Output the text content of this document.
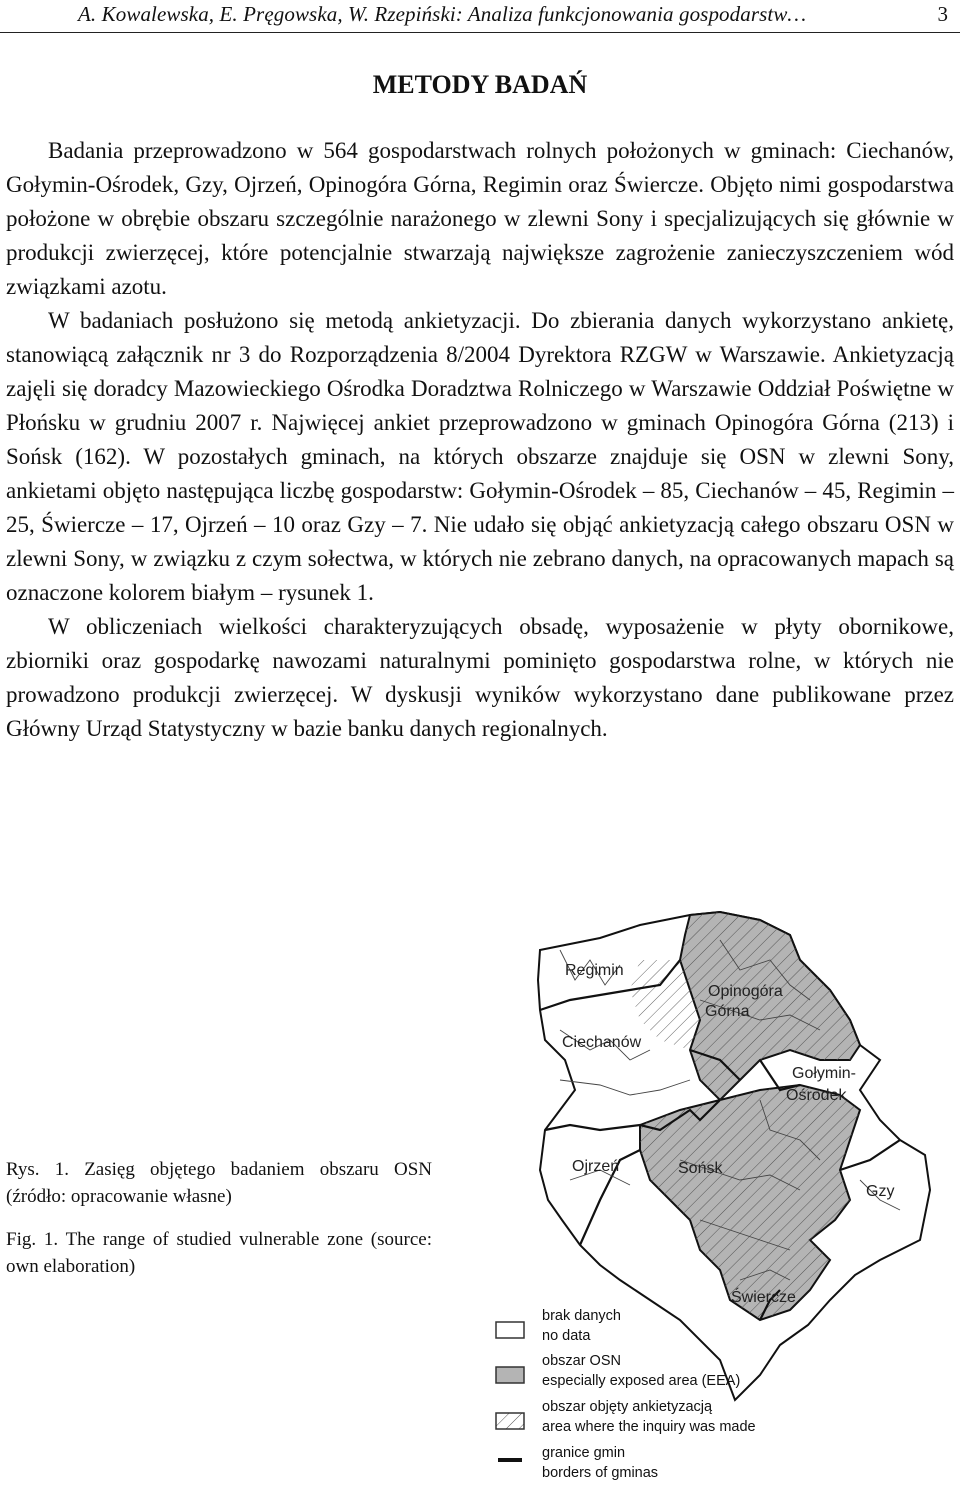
A. Kowalewska, E. Pręgowska, W. Rzepiński: Analiza funkcjonowania gospodarstw…	3
METODY BADAŃ

Badania przeprowadzono w 564 gospodarstwach rolnych położonych w gminach: Ciechanów, Gołymin-Ośrodek, Gzy, Ojrzeń, Opinogóra Górna, Regimin oraz Świercze. Objęto nimi gospodarstwa położone w obrębie obszaru szczególnie narażonego w zlewni Sony i specjalizujących się głównie w produkcji zwierzęcej, które potencjalnie stwarzają największe zagrożenie zanieczyszczeniem wód związkami azotu.

W badaniach posłużono się metodą ankietyzacji. Do zbierania danych wykorzystano ankietę, stanowiącą załącznik nr 3 do Rozporządzenia 8/2004 Dyrektora RZGW w Warszawie. Ankietyzacją zajęli się doradcy Mazowieckiego Ośrodka Doradztwa Rolniczego w Warszawie Oddział Poświętne w Płońsku w grudniu 2007 r. Najwięcej ankiet przeprowadzono w gminach Opinogóra Górna (213) i Sońsk (162). W pozostałych gminach, na których obszarze znajduje się OSN w zlewni Sony, ankietami objęto następująca liczbę gospodarstw: Gołymin-Ośrodek – 85, Ciechanów – 45, Regimin – 25, Świercze – 17, Ojrzeń – 10 oraz Gzy – 7. Nie udało się objąć ankietyzacją całego obszaru OSN w zlewni Sony, w związku z czym sołectwa, w których nie zebrano danych, na opracowanych mapach są oznaczone kolorem białym – rysunek 1.

W obliczeniach wielkości charakteryzujących obsadę, wyposażenie w płyty obornikowe, zbiorniki oraz gospodarkę nawozami naturalnymi pominięto gospodarstwa rolne, w których nie prowadzono produkcji zwierzęcej. W dyskusji wyników wykorzystano dane publikowane przez Główny Urząd Statystyczny w bazie banku danych regionalnych.

Rys. 1. Zasięg objętego badaniem obszaru OSN (źródło: opracowanie własne)
Fig. 1. The range of studied vulnerable zone (source: own elaboration)
Regimin
Opinogóra
Górna
Ciechanów
Gołymin-
Ośrodek
Ojrzeń	Sońsk
Gzy
Świercze
brak danych
no data
obszar OSN
especially exposed area (EEA)
obszar objęty ankietyzacją
area where the inquiry was made
granice gmin
borders of gminas
